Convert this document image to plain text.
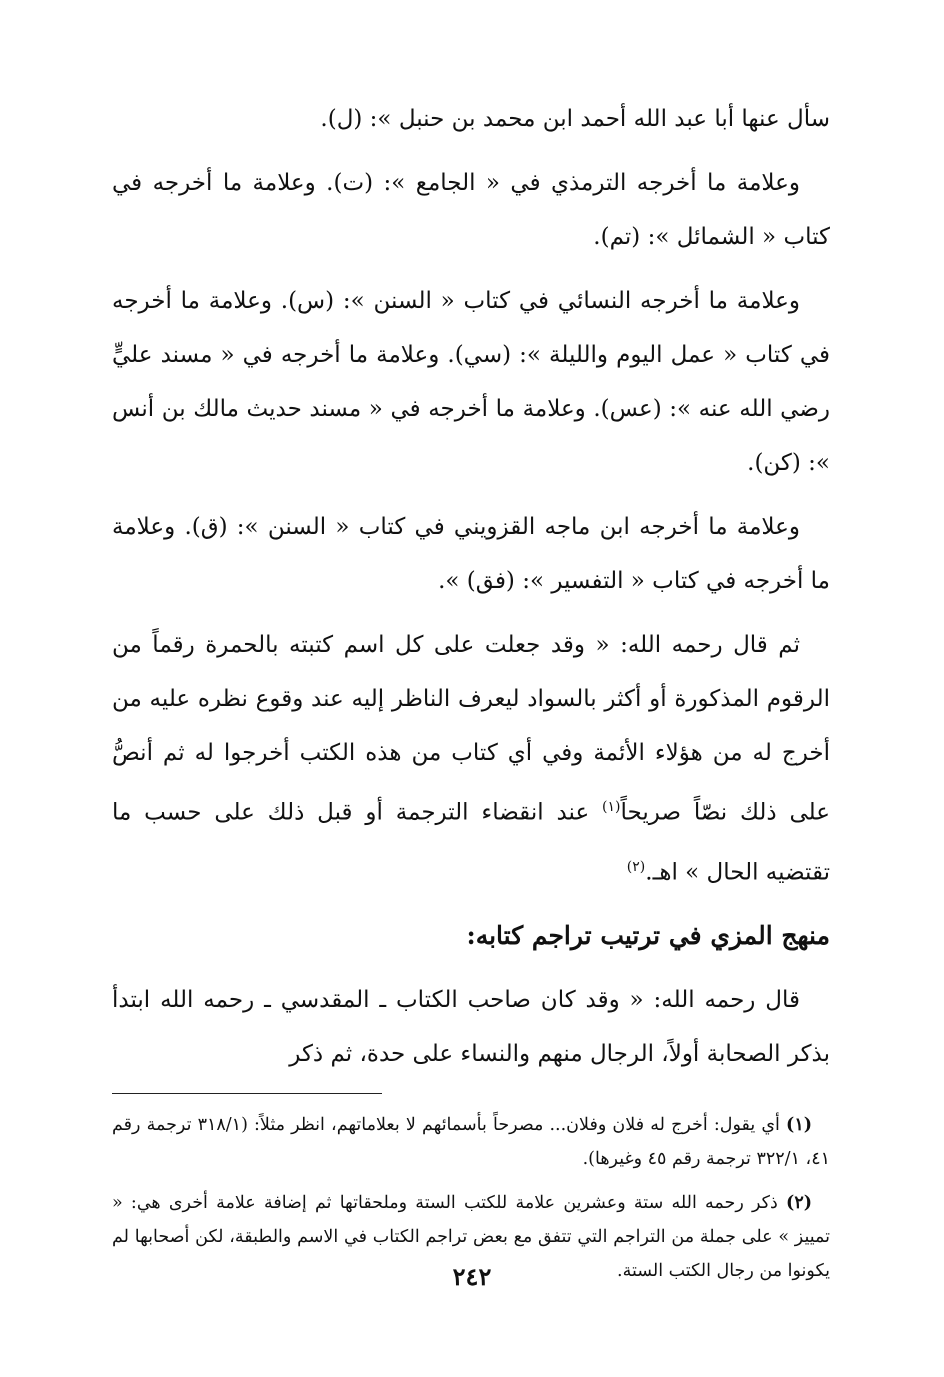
سأل عنها أبا عبد الله أحمد ابن محمد بن حنبل »: (ل).

وعلامة ما أخرجه الترمذي في « الجامع »: (ت). وعلامة ما أخرجه في كتاب « الشمائل »: (تم).

وعلامة ما أخرجه النسائي في كتاب « السنن »: (س). وعلامة ما أخرجه في كتاب « عمل اليوم والليلة »: (سي). وعلامة ما أخرجه في « مسند عليٍّ رضي الله عنه »: (عس). وعلامة ما أخرجه في « مسند حديث مالك بن أنس »: (كن).

وعلامة ما أخرجه ابن ماجه القزويني في كتاب « السنن »: (ق). وعلامة ما أخرجه في كتاب « التفسير »: (فق) ».

ثم قال رحمه الله: « وقد جعلت على كل اسم كتبته بالحمرة رقماً من الرقوم المذكورة أو أكثر بالسواد ليعرف الناظر إليه عند وقوع نظره عليه من أخرج له من هؤلاء الأئمة وفي أي كتاب من هذه الكتب أخرجوا له ثم أنصُّ على ذلك نصّاً صريحاً$^{(١)}$ عند انقضاء الترجمة أو قبل ذلك على حسب ما تقتضيه الحال » اهـ.$^{(٢)}$

منهج المزي في ترتيب تراجم كتابه:

قال رحمه الله: « وقد كان صاحب الكتاب ـ المقدسي ـ رحمه الله ابتدأ بذكر الصحابة أولاً، الرجال منهم والنساء على حدة، ثم ذكر

(١) أي يقول: أخرج له فلان وفلان... مصرحاً بأسمائهم لا بعلاماتهم، انظر مثلاً: (٣١٨/١ ترجمة رقم ٤١، ٣٢٢/١ ترجمة رقم ٤٥ وغيرها).

(٢) ذكر رحمه الله ستة وعشرين علامة للكتب الستة وملحقاتها ثم إضافة علامة أخرى هي: « تمييز » على جملة من التراجم التي تتفق مع بعض تراجم الكتاب في الاسم والطبقة، لكن أصحابها لم يكونوا من رجال الكتب الستة.

٢٤٢
